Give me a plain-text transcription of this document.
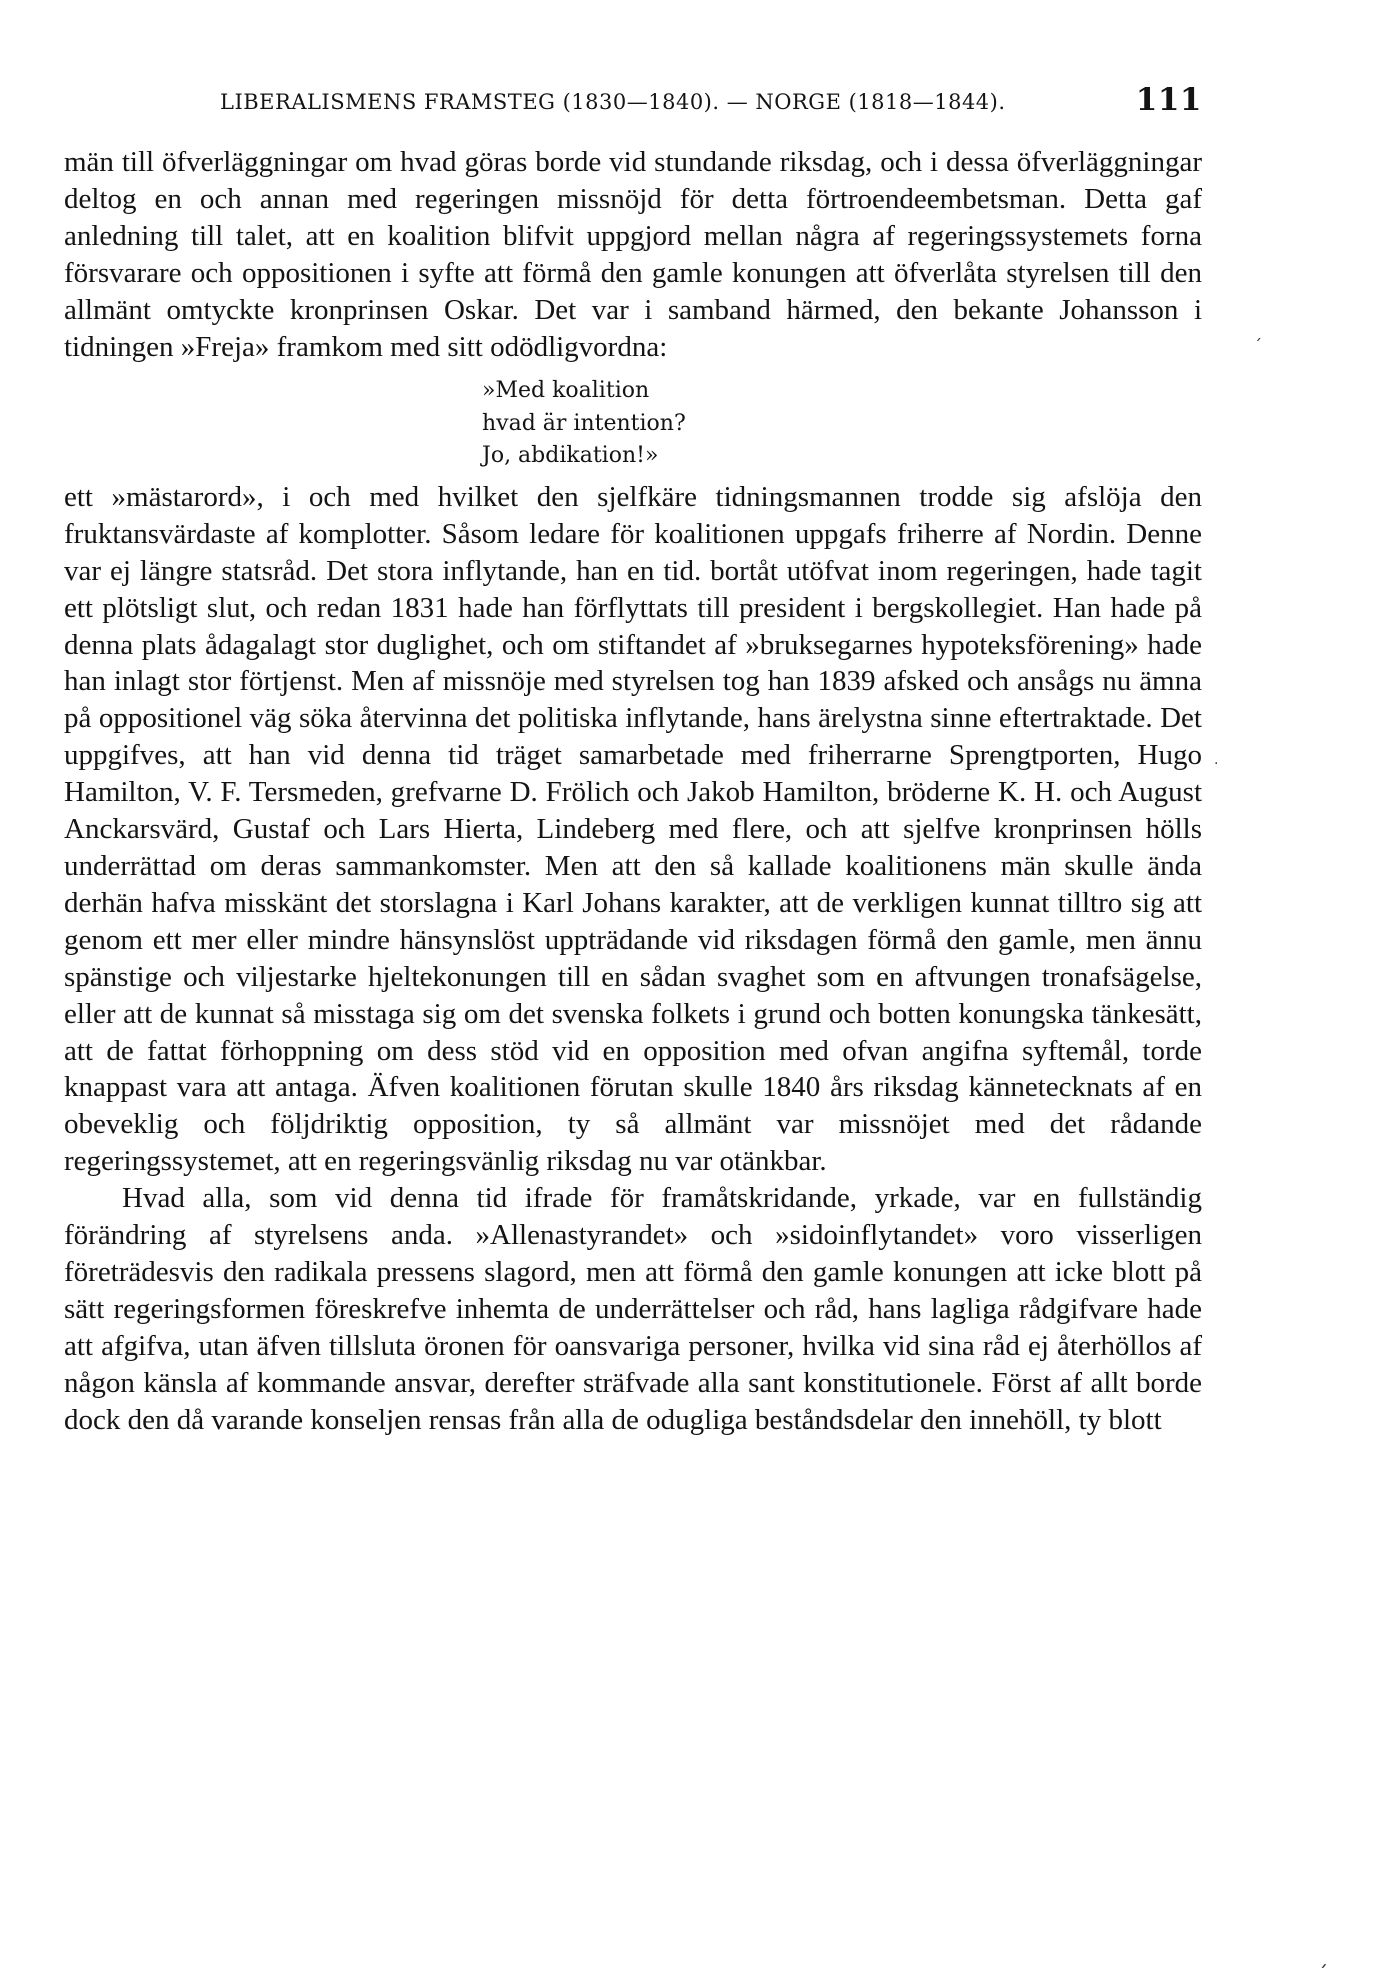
LIBERALISMENS FRAMSTEG (1830—1840). — NORGE (1818—1844).	111

män till öfverläggningar om hvad göras borde vid stundande riksdag, och i dessa öfverläggningar deltog en och annan med regeringen missnöjd för detta förtroendeembetsman. Detta gaf anledning till talet, att en koalition blifvit uppgjord mellan några af regeringssystemets forna försvarare och oppositionen i syfte att förmå den gamle konungen att öfverlåta styrelsen till den allmänt omtyckte kronprinsen Oskar. Det var i samband härmed, den bekante Johansson i tidningen »Freja» framkom med sitt odödligvordna:

»Med koalition
hvad är intention?
Jo, abdikation!»

ett »mästarord», i och med hvilket den sjelfkäre tidningsmannen trodde sig afslöja den fruktansvärdaste af komplotter. Såsom ledare för koalitionen uppgafs friherre af Nordin. Denne var ej längre statsråd. Det stora inflytande, han en tid. bortåt utöfvat inom regeringen, hade tagit ett plötsligt slut, och redan 1831 hade han förflyttats till president i bergskollegiet. Han hade på denna plats ådagalagt stor duglighet, och om stiftandet af »bruksegarnes hypoteksförening» hade han inlagt stor förtjenst. Men af missnöje med styrelsen tog han 1839 afsked och ansågs nu ämna på oppositionel väg söka återvinna det politiska inflytande, hans ärelystna sinne eftertraktade. Det uppgifves, att han vid denna tid träget samarbetade med friherrarne Sprengtporten, Hugo Hamilton, V. F. Tersmeden, grefvarne D. Frölich och Jakob Hamilton, bröderne K. H. och August Anckarsvärd, Gustaf och Lars Hierta, Lindeberg med flere, och att sjelfve kronprinsen hölls underrättad om deras sammankomster. Men att den så kallade koalitionens män skulle ända derhän hafva misskänt det storslagna i Karl Johans karakter, att de verkligen kunnat tilltro sig att genom ett mer eller mindre hänsynslöst uppträdande vid riksdagen förmå den gamle, men ännu spänstige och viljestarke hjeltekonungen till en sådan svaghet som en aftvungen tronafsägelse, eller att de kunnat så misstaga sig om det svenska folkets i grund och botten konungska tänkesätt, att de fattat förhoppning om dess stöd vid en opposition med ofvan angifna syftemål, torde knappast vara att antaga. Äfven koalitionen förutan skulle 1840 års riksdag kännetecknats af en obeveklig och följdriktig opposition, ty så allmänt var missnöjet med det rådande regeringssystemet, att en regeringsvänlig riksdag nu var otänkbar.

Hvad alla, som vid denna tid ifrade för framåtskridande, yrkade, var en fullständig förändring af styrelsens anda. »Allenastyrandet» och »sidoinflytandet» voro visserligen företrädesvis den radikala pressens slagord, men att förmå den gamle konungen att icke blott på sätt regeringsformen föreskrefve inhemta de underrättelser och råd, hans lagliga rådgifvare hade att afgifva, utan äfven tillsluta öronen för oansvariga personer, hvilka vid sina råd ej återhöllos af någon känsla af kommande ansvar, derefter sträfvade alla sant konstitutionele. Först af allt borde dock den då varande konseljen rensas från alla de odugliga beståndsdelar den innehöll, ty blott

ˊ
·
ˏ
